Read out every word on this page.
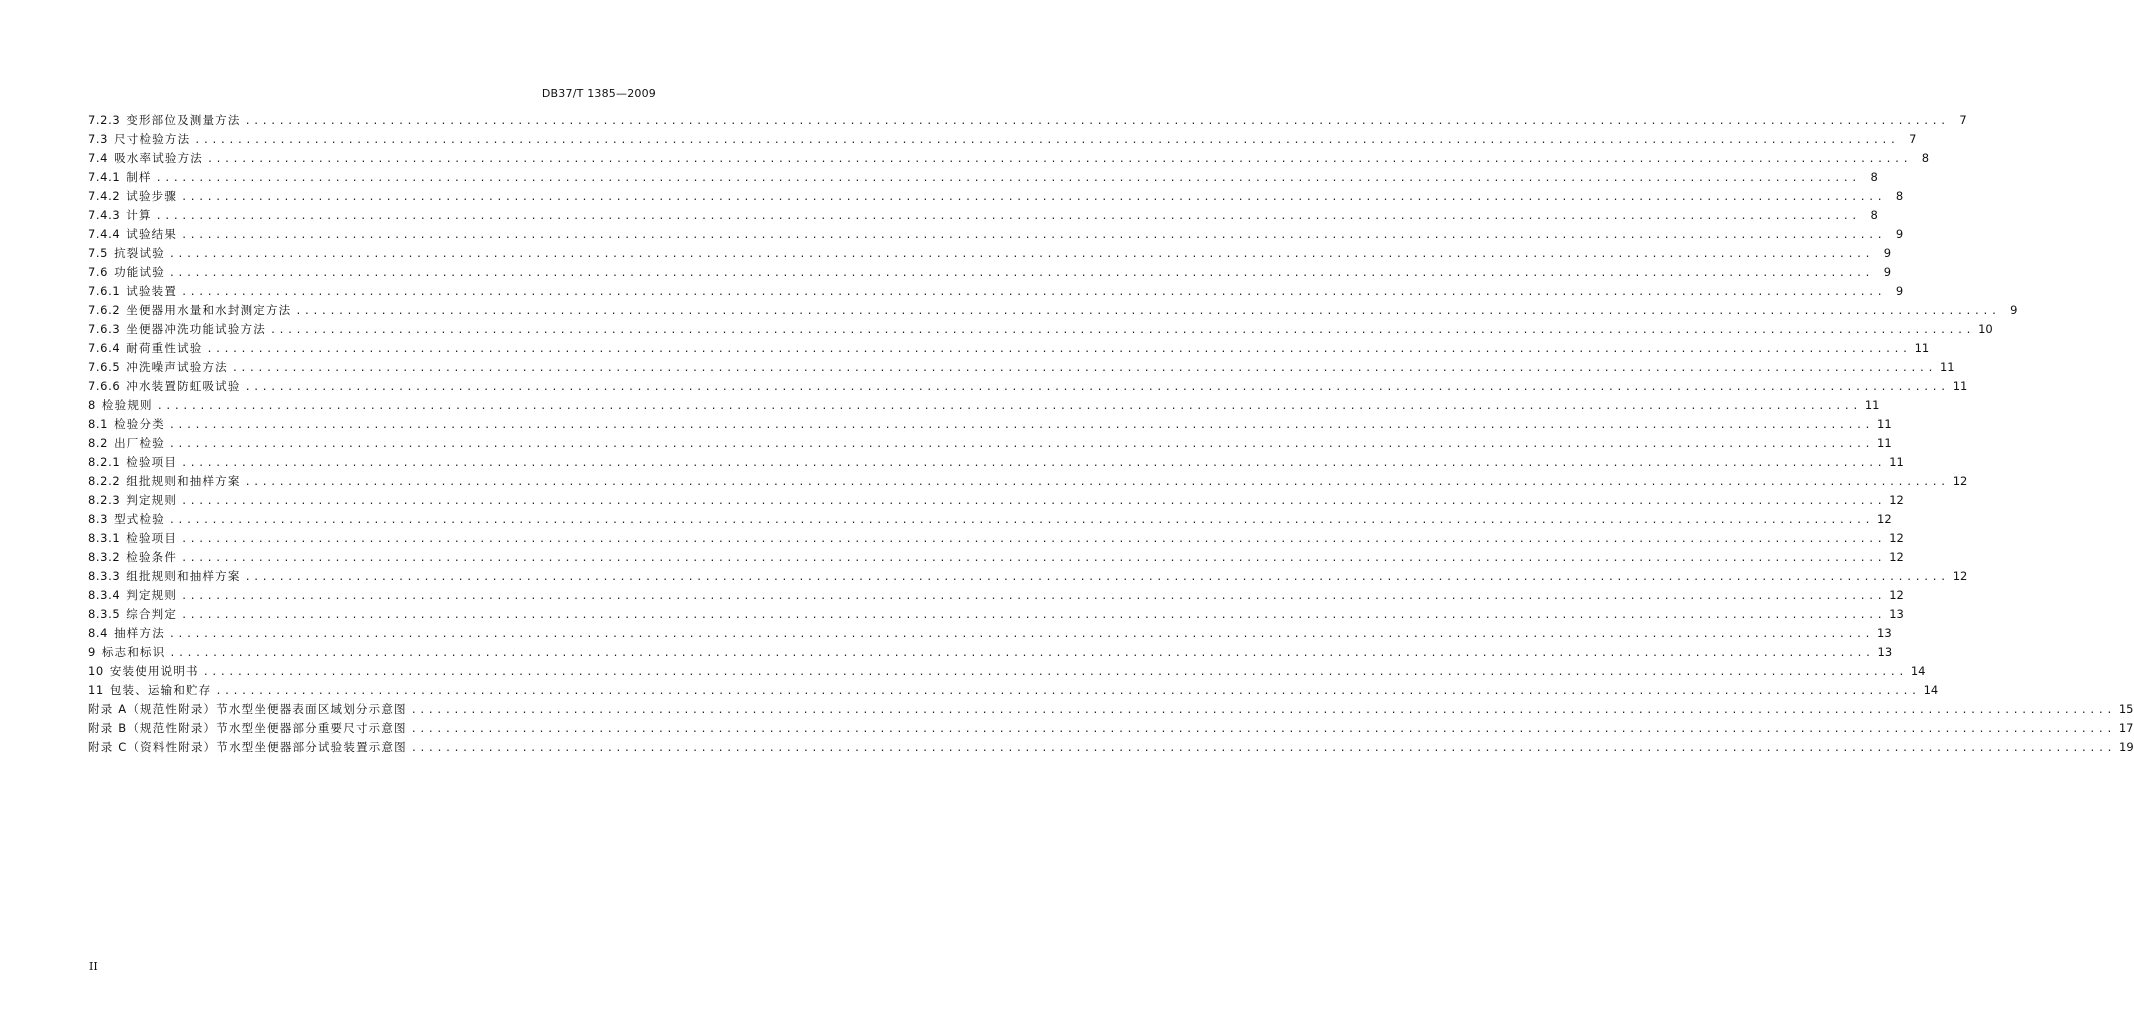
DB37/T 1385—2009
7.2.3 变形部位及测量方法 ........................................................................................................................................................................................................ 7
7.3 尺寸检验方法 ........................................................................................................................................................................................................ 7
7.4 吸水率试验方法 ........................................................................................................................................................................................................ 8
7.4.1 制样 ........................................................................................................................................................................................................ 8
7.4.2 试验步骤 ........................................................................................................................................................................................................ 8
7.4.3 计算 ........................................................................................................................................................................................................ 8
7.4.4 试验结果 ........................................................................................................................................................................................................ 9
7.5 抗裂试验 ........................................................................................................................................................................................................ 9
7.6 功能试验 ........................................................................................................................................................................................................ 9
7.6.1 试验装置 ........................................................................................................................................................................................................ 9
7.6.2 坐便器用水量和水封测定方法 ........................................................................................................................................................................................................ 9
7.6.3 坐便器冲洗功能试验方法 ........................................................................................................................................................................................................ 10
7.6.4 耐荷重性试验 ........................................................................................................................................................................................................ 11
7.6.5 冲洗噪声试验方法 ........................................................................................................................................................................................................ 11
7.6.6 冲水装置防虹吸试验 ........................................................................................................................................................................................................ 11
8 检验规则 ........................................................................................................................................................................................................ 11
8.1 检验分类 ........................................................................................................................................................................................................ 11
8.2 出厂检验 ........................................................................................................................................................................................................ 11
8.2.1 检验项目 ........................................................................................................................................................................................................ 11
8.2.2 组批规则和抽样方案 ........................................................................................................................................................................................................ 12
8.2.3 判定规则 ........................................................................................................................................................................................................ 12
8.3 型式检验 ........................................................................................................................................................................................................ 12
8.3.1 检验项目 ........................................................................................................................................................................................................ 12
8.3.2 检验条件 ........................................................................................................................................................................................................ 12
8.3.3 组批规则和抽样方案 ........................................................................................................................................................................................................ 12
8.3.4 判定规则 ........................................................................................................................................................................................................ 12
8.3.5 综合判定 ........................................................................................................................................................................................................ 13
8.4 抽样方法 ........................................................................................................................................................................................................ 13
9 标志和标识 ........................................................................................................................................................................................................ 13
10 安装使用说明书 ........................................................................................................................................................................................................ 14
11 包装、运输和贮存 ........................................................................................................................................................................................................ 14
附录 A（规范性附录）节水型坐便器表面区域划分示意图 ........................................................................................................................................................................................................ 15
附录 B（规范性附录）节水型坐便器部分重要尺寸示意图 ........................................................................................................................................................................................................ 17
附录 C（资料性附录）节水型坐便器部分试验装置示意图 ........................................................................................................................................................................................................ 19
II
